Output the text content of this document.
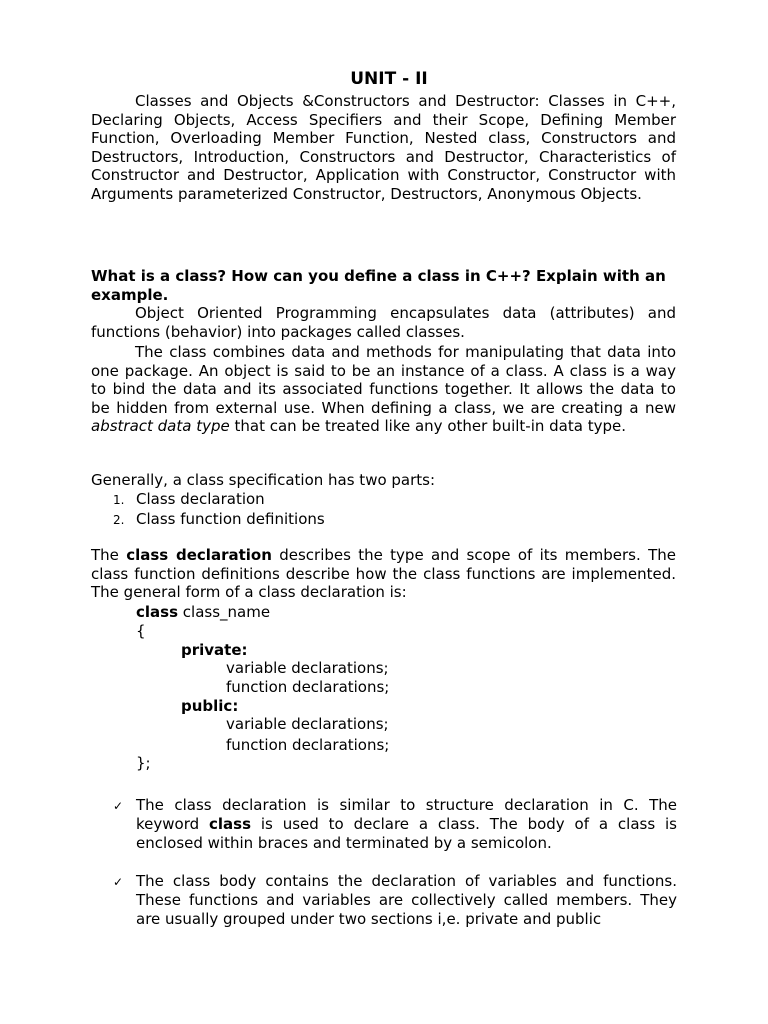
UNIT - II
Classes and Objects &Constructors and Destructor: Classes in C++, Declaring Objects, Access Specifiers and their Scope, Defining Member Function, Overloading Member Function, Nested class, Constructors and Destructors, Introduction, Constructors and Destructor, Characteristics of Constructor and Destructor, Application with Constructor, Constructor with Arguments parameterized Constructor, Destructors, Anonymous Objects.
What is a class? How can you define a class in C++? Explain with an example.
Object Oriented Programming encapsulates data (attributes) and functions (behavior) into packages called classes.
The class combines data and methods for manipulating that data into one package. An object is said to be an instance of a class. A class is a way to bind the data and its associated functions together. It allows the data to be hidden from external use. When defining a class, we are creating a new abstract data type that can be treated like any other built-in data type.
Generally, a class specification has two parts:
1. Class declaration
2. Class function definitions
The class declaration describes the type and scope of its members. The class function definitions describe how the class functions are implemented. The general form of a class declaration is:
class class_name
{
private:
variable declarations;
function declarations;
public:
variable declarations;
function declarations;
};
✓ The class declaration is similar to structure declaration in C. The keyword class is used to declare a class. The body of a class is enclosed within braces and terminated by a semicolon.
✓ The class body contains the declaration of variables and functions. These functions and variables are collectively called members. They are usually grouped under two sections i,e. private and public
